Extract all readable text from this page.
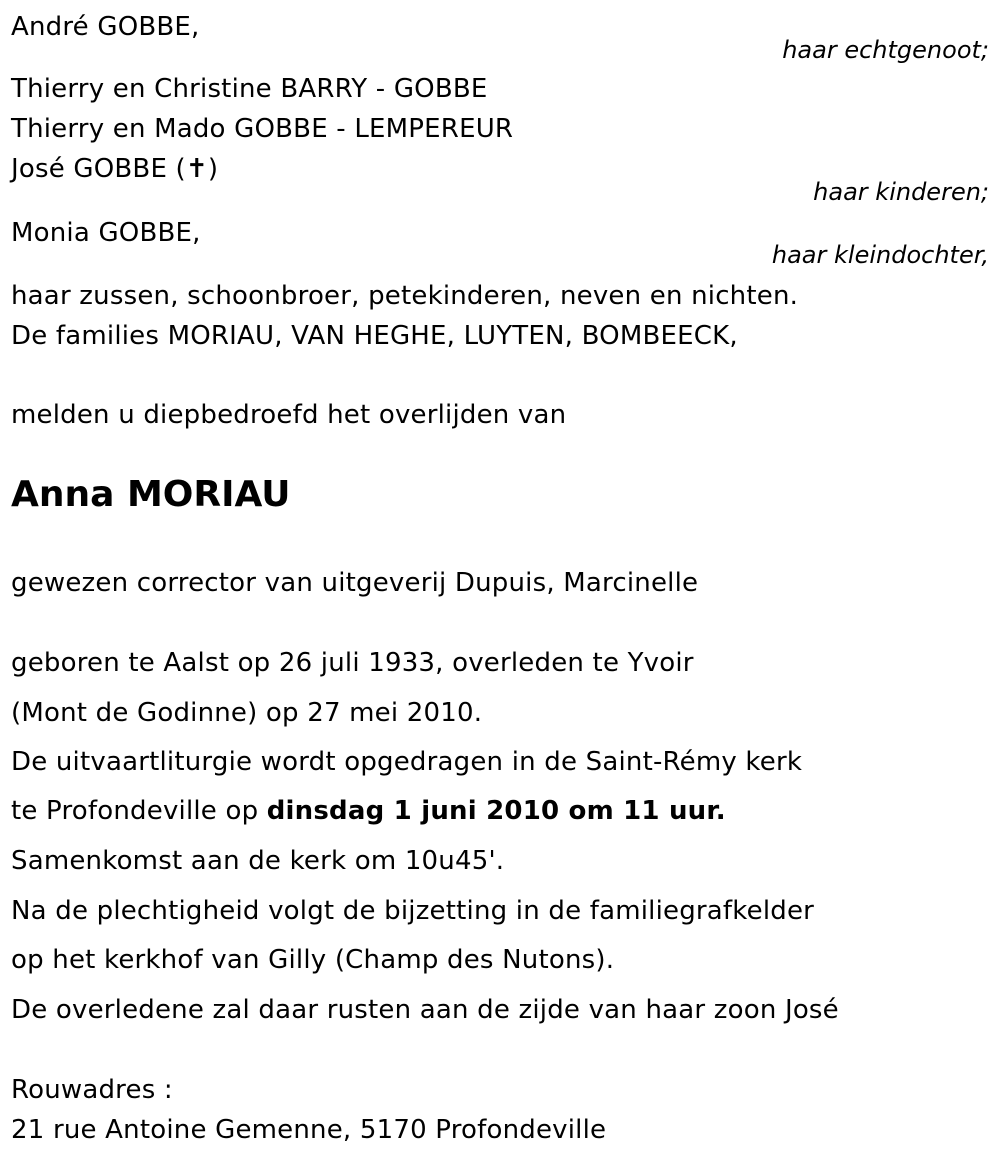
André GOBBE,
haar echtgenoot;
Thierry en Christine BARRY - GOBBE
Thierry en Mado GOBBE - LEMPEREUR
José GOBBE (✝)
haar kinderen;
Monia GOBBE,
haar kleindochter,
haar zussen, schoonbroer, petekinderen, neven en nichten.
De families MORIAU, VAN HEGHE, LUYTEN, BOMBEECK,
melden u diepbedroefd het overlijden van
Anna MORIAU
gewezen corrector van uitgeverij Dupuis, Marcinelle
geboren te Aalst op 26 juli 1933, overleden te Yvoir
(Mont de Godinne) op 27 mei 2010.
De uitvaartliturgie wordt opgedragen in de Saint-Rémy kerk
te Profondeville op dinsdag 1 juni 2010 om 11 uur.
Samenkomst aan de kerk om 10u45'.
Na de plechtigheid volgt de bijzetting in de familiegrafkelder
op het kerkhof van Gilly (Champ des Nutons).
De overledene zal daar rusten aan de zijde van haar zoon José
Rouwadres :
21 rue Antoine Gemenne, 5170 Profondeville
